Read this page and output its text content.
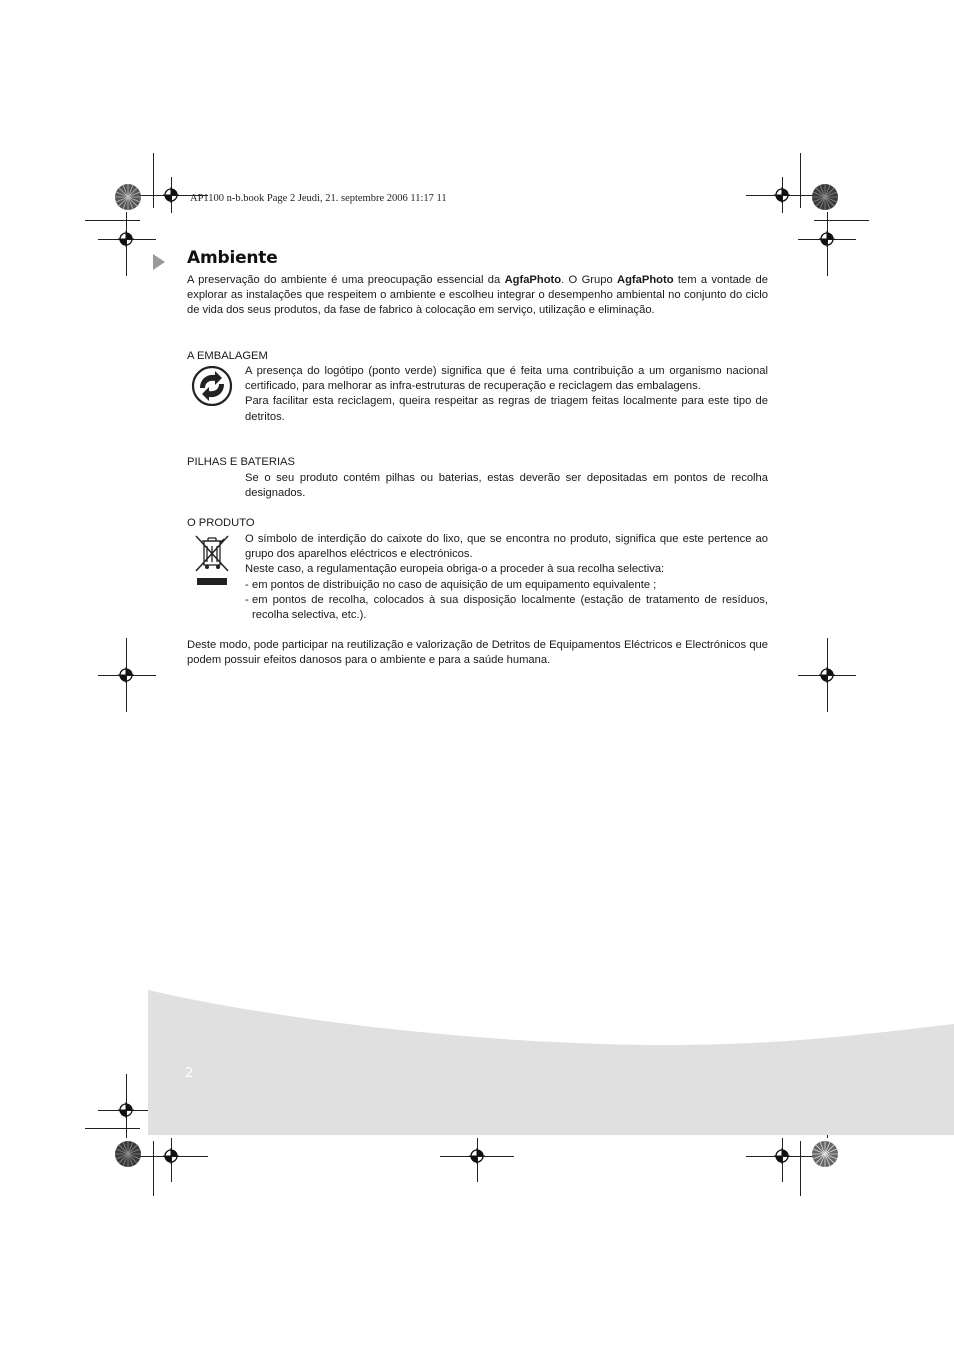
AP1100 n-b.book Page 2 Jeudi, 21. septembre 2006 11:17 11
Ambiente
A preservação do ambiente é uma preocupação essencial da AgfaPhoto. O Grupo AgfaPhoto tem a vontade de explorar as instalações que respeitem o ambiente e escolheu integrar o desempenho ambiental no conjunto do ciclo de vida dos seus produtos, da fase de fabrico à colocação em serviço, utilização e eliminação.
A EMBALAGEM
A presença do logótipo (ponto verde) significa que é feita uma contribuição a um organismo nacional certificado, para melhorar as infra-estruturas de recuperação e reciclagem das embalagens.
Para facilitar esta reciclagem, queira respeitar as regras de triagem feitas localmente para este tipo de detritos.
PILHAS E BATERIAS
Se o seu produto contém pilhas ou baterias, estas deverão ser depositadas em pontos de recolha designados.
O PRODUTO
O símbolo de interdição do caixote do lixo, que se encontra no produto, significa que este pertence ao grupo dos aparelhos eléctricos e electrónicos.
Neste caso, a regulamentação europeia obriga-o a proceder à sua recolha selectiva:
- em pontos de distribuição no caso de aquisição de um equipamento equivalente ;
- em pontos de recolha, colocados à sua disposição localmente (estação de tratamento de resíduos, recolha selectiva, etc.).
Deste modo, pode participar na reutilização e valorização de Detritos de Equipamentos Eléctricos e Electrónicos que podem possuir efeitos danosos para o ambiente e para a saúde humana.
2
